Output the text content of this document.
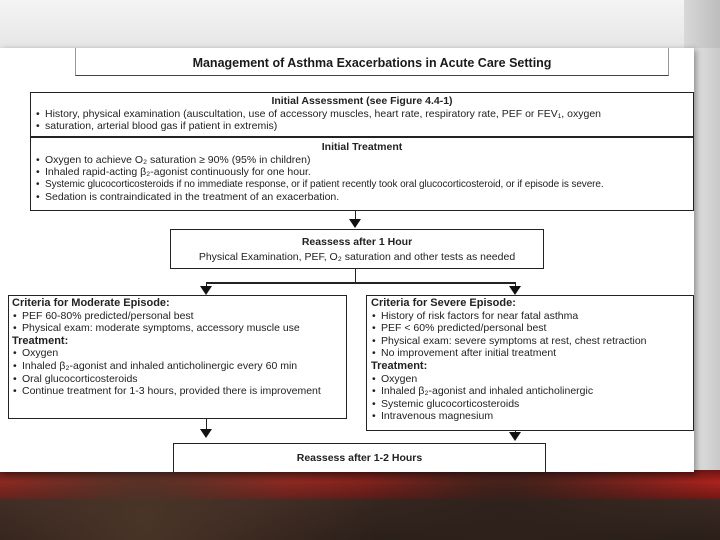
Management of Asthma Exacerbations in Acute Care Setting
Initial Assessment (see Figure 4.4-1)
• History, physical examination (auscultation, use of accessory muscles, heart rate, respiratory rate, PEF or FEV₁, oxygen
• saturation, arterial blood gas if patient in extremis)
Initial Treatment
• Oxygen to achieve O₂ saturation ≥ 90% (95% in children)
• Inhaled rapid-acting β₂-agonist continuously for one hour.
• Systemic glucocorticosteroids if no immediate response, or if patient recently took oral glucocorticosteroid, or if episode is severe.
• Sedation is contraindicated in the treatment of an exacerbation.
Reassess after 1 Hour
Physical Examination, PEF, O₂ saturation and other tests as needed
Criteria for Moderate Episode:
• PEF 60-80% predicted/personal best
• Physical exam: moderate symptoms, accessory muscle use
Treatment:
• Oxygen
• Inhaled β₂-agonist and inhaled anticholinergic every 60 min
• Oral glucocorticosteroids
• Continue treatment for 1-3 hours, provided there is improvement
Criteria for Severe Episode:
• History of risk factors for near fatal asthma
• PEF < 60% predicted/personal best
• Physical exam: severe symptoms at rest, chest retraction
• No improvement after initial treatment
Treatment:
• Oxygen
• Inhaled β₂-agonist and inhaled anticholinergic
• Systemic glucocorticosteroids
• Intravenous magnesium
Reassess after 1-2 Hours
